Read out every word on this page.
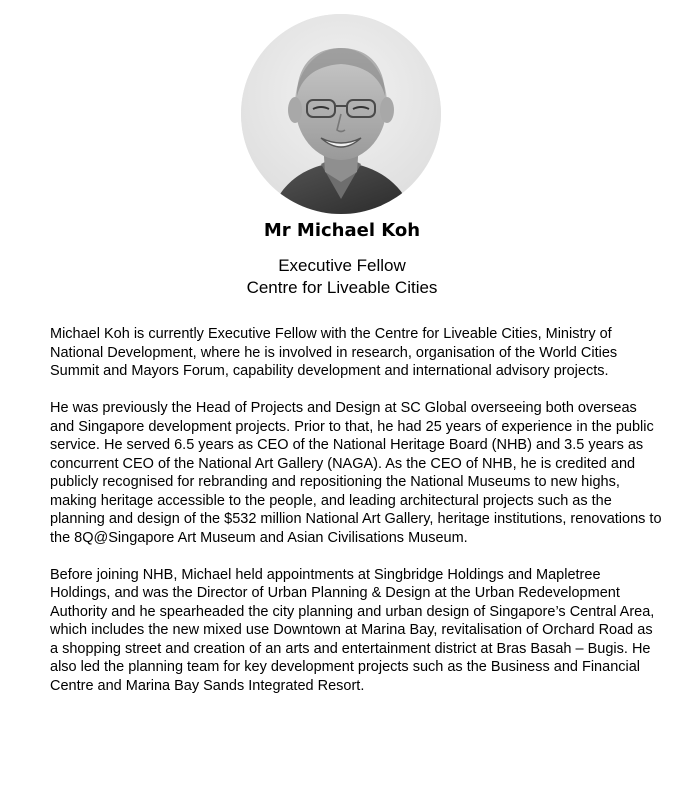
Mr Michael Koh
Executive Fellow
Centre for Liveable Cities

Michael Koh is currently Executive Fellow with the Centre for Liveable Cities, Ministry of National Development, where he is involved in research, organisation of the World Cities Summit and Mayors Forum, capability development and international advisory projects.

He was previously the Head of Projects and Design at SC Global overseeing both overseas and Singapore development projects. Prior to that, he had 25 years of experience in the public service. He served 6.5 years as CEO of the National Heritage Board (NHB) and 3.5 years as concurrent CEO of the National Art Gallery (NAGA). As the CEO of NHB, he is credited and publicly recognised for rebranding and repositioning the National Museums to new highs, making heritage accessible to the people, and leading architectural projects such as the planning and design of the $532 million National Art Gallery, heritage institutions, renovations to the 8Q@Singapore Art Museum and Asian Civilisations Museum.

Before joining NHB, Michael held appointments at Singbridge Holdings and Mapletree Holdings, and was the Director of Urban Planning & Design at the Urban Redevelopment Authority and he spearheaded the city planning and urban design of Singapore’s Central Area, which includes the new mixed use Downtown at Marina Bay, revitalisation of Orchard Road as a shopping street and creation of an arts and entertainment district at Bras Basah – Bugis. He also led the planning team for key development projects such as the Business and Financial Centre and Marina Bay Sands Integrated Resort.
